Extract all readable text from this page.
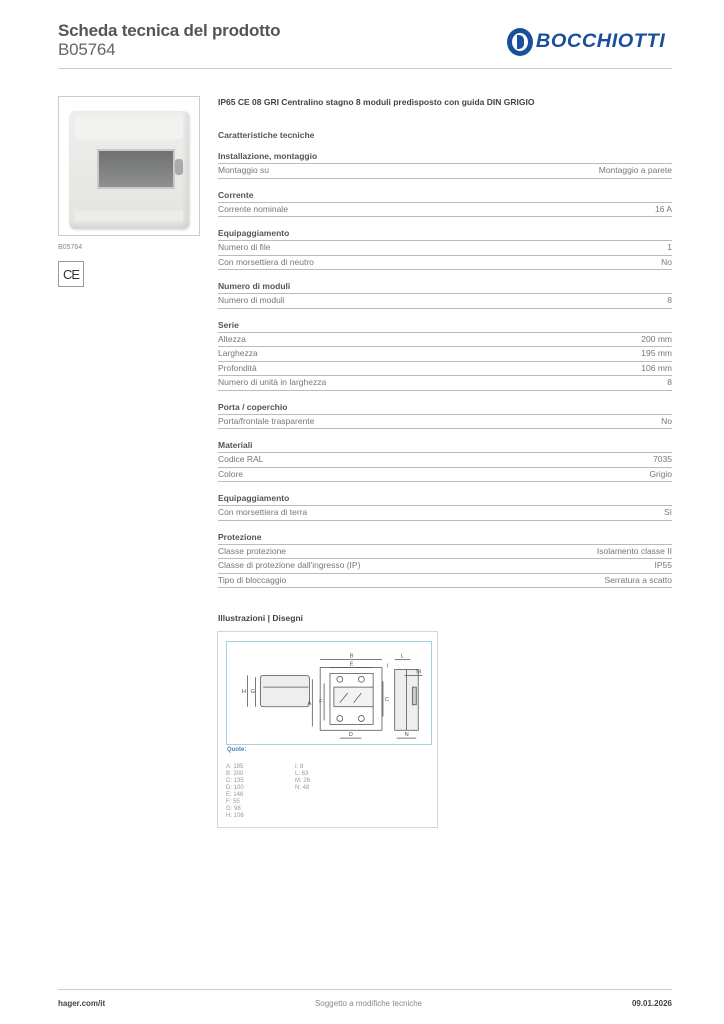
Scheda tecnica del prodotto
B05764	BOCCHIOTTI
B05764
CE
IP65 CE 08 GRI Centralino stagno 8 moduli predisposto con guida DIN GRIGIO
Caratteristiche tecniche
Installazione, montaggio
Montaggio su	Montaggio a parete
Corrente
Corrente nominale	16 A
Equipaggiamento
Numero di file	1
Con morsettiera di neutro	No
Numero di moduli
Numero di moduli	8
Serie
Altezza	200 mm
Larghezza	195 mm
Profondità	106 mm
Numero di unità in larghezza	8
Porta / coperchio
Porta/frontale trasparente	No
Materiali
Codice RAL	7035
Colore	Grigio
Equipaggiamento
Con morsettiera di terra	Sì
Protezione
Classe protezione	Isolamento classe II
Classe di protezione dall'ingresso (IP)	IP55
Tipo di bloccaggio	Serratura a scatto
Illustrazioni | Disegni
B
E	I
L
M
H G
A F	C
D	N
Quote:
A: 195
B: 200
C: 135
D: 100
E: 146
F: 55
G: 98
H: 106
I: 8
L: 63
M: 26
N: 48
hager.com/it	Soggetto a modifiche tecniche	09.01.2026
